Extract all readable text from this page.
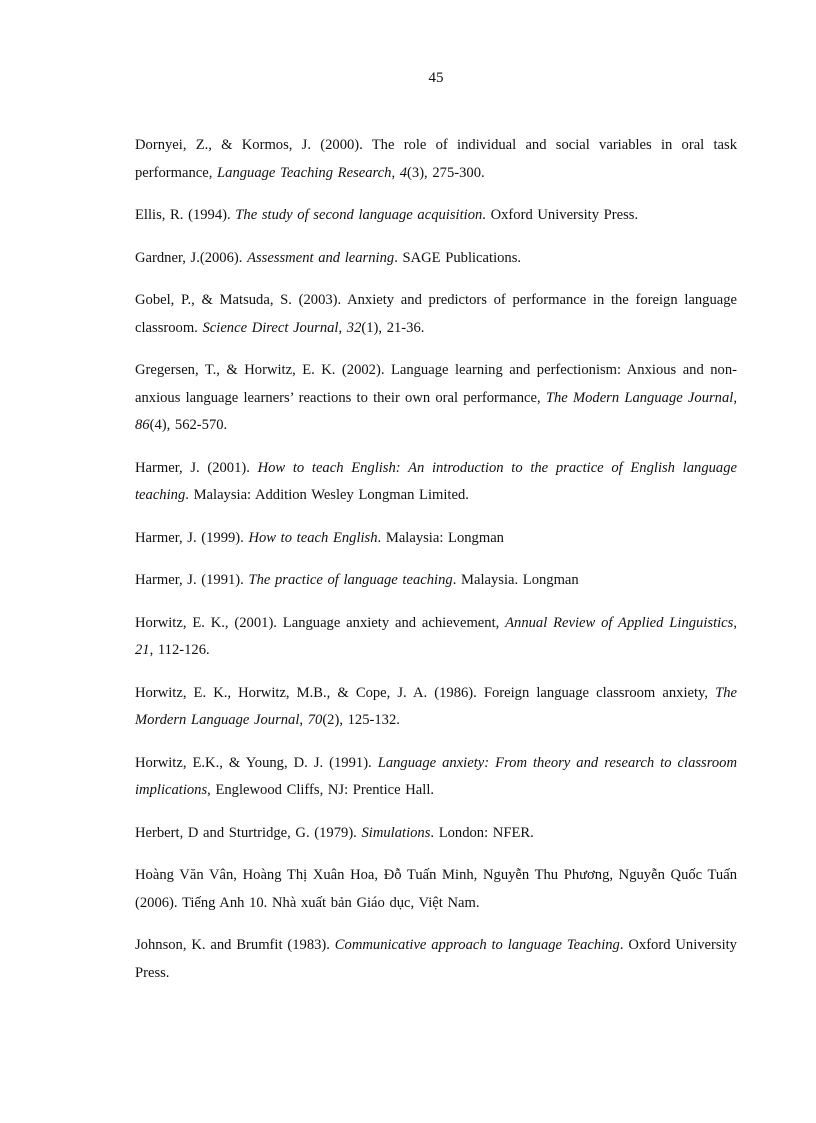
45

Dornyei, Z., & Kormos, J. (2000). The role of individual and social variables in oral task performance, Language Teaching Research, 4(3), 275-300.

Ellis, R. (1994). The study of second language acquisition. Oxford University Press.

Gardner, J.(2006). Assessment and learning. SAGE Publications.

Gobel, P., & Matsuda, S. (2003). Anxiety and predictors of performance in the foreign language classroom. Science Direct Journal, 32(1), 21-36.

Gregersen, T., & Horwitz, E. K. (2002). Language learning and perfectionism: Anxious and non-anxious language learners’ reactions to their own oral performance, The Modern Language Journal, 86(4), 562-570.

Harmer, J. (2001). How to teach English: An introduction to the practice of English language teaching. Malaysia: Addition Wesley Longman Limited.

Harmer, J. (1999). How to teach English. Malaysia: Longman

Harmer, J. (1991). The practice of language teaching. Malaysia. Longman

Horwitz, E. K., (2001). Language anxiety and achievement, Annual Review of Applied Linguistics, 21, 112-126.

Horwitz, E. K., Horwitz, M.B., & Cope, J. A. (1986). Foreign language classroom anxiety, The Mordern Language Journal, 70(2), 125-132.

Horwitz, E.K., & Young, D. J. (1991). Language anxiety: From theory and research to classroom implications, Englewood Cliffs, NJ: Prentice Hall.

Herbert, D and Sturtridge, G. (1979). Simulations. London: NFER.

Hoàng Văn Vân, Hoàng Thị Xuân Hoa, Đỗ Tuấn Minh, Nguyễn Thu Phương, Nguyễn Quốc Tuấn (2006). Tiếng Anh 10. Nhà xuất bản Giáo dục, Việt Nam.

Johnson, K. and Brumfit (1983). Communicative approach to language Teaching. Oxford University Press.
